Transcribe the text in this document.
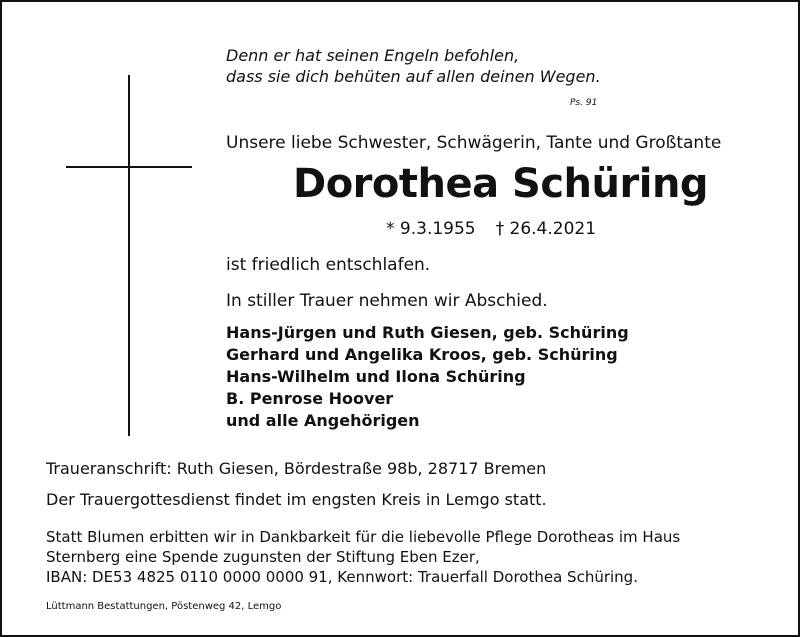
Denn er hat seinen Engeln befohlen,
dass sie dich behüten auf allen deinen Wegen.
Ps. 91
Unsere liebe Schwester, Schwägerin, Tante und Großtante
Dorothea Schüring
* 9.3.1955 † 26.4.2021
ist friedlich entschlafen.
In stiller Trauer nehmen wir Abschied.
Hans-Jürgen und Ruth Giesen, geb. Schüring
Gerhard und Angelika Kroos, geb. Schüring
Hans-Wilhelm und Ilona Schüring
B. Penrose Hoover
und alle Angehörigen
Traueranschrift: Ruth Giesen, Bördestraße 98b, 28717 Bremen
Der Trauergottesdienst findet im engsten Kreis in Lemgo statt.
Statt Blumen erbitten wir in Dankbarkeit für die liebevolle Pflege Dorotheas im Haus
Sternberg eine Spende zugunsten der Stiftung Eben Ezer,
IBAN: DE53 4825 0110 0000 0000 91, Kennwort: Trauerfall Dorothea Schüring.
Lüttmann Bestattungen, Pöstenweg 42, Lemgo
